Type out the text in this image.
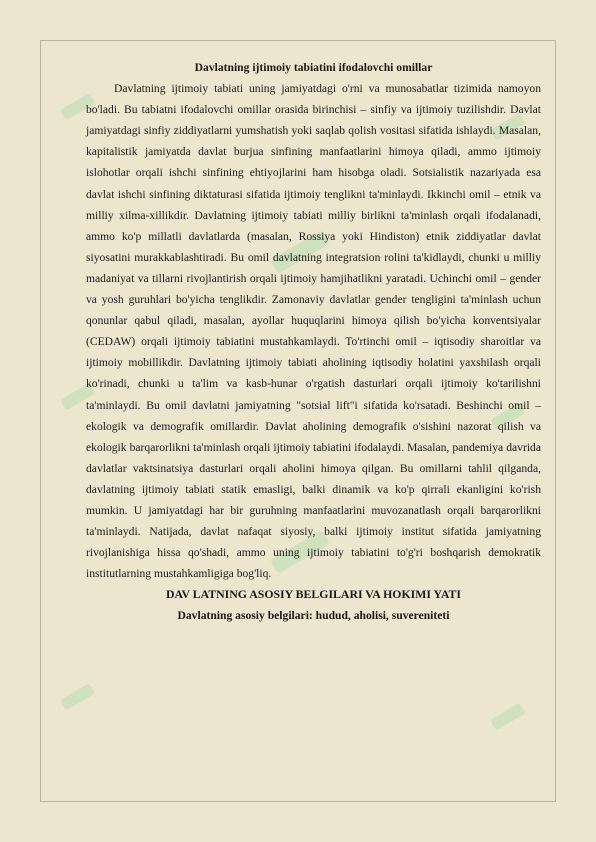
Davlatning ijtimoiy tabiatini ifodalovchi omillar

Davlatning ijtimoiy tabiati uning jamiyatdagi o'rni va munosabatlar tizimida namoyon bo'ladi. Bu tabiatni ifodalovchi omillar orasida birinchisi – sinfiy va ijtimoiy tuzilishdir. Davlat jamiyatdagi sinfiy ziddiyatlarni yumshatish yoki saqlab qolish vositasi sifatida ishlaydi. Masalan, kapitalistik jamiyatda davlat burjua sinfining manfaatlarini himoya qiladi, ammo ijtimoiy islohotlar orqali ishchi sinfining ehtiyojlarini ham hisobga oladi. Sotsialistik nazariyada esa davlat ishchi sinfining diktaturasi sifatida ijtimoiy tenglikni ta'minlaydi. Ikkinchi omil – etnik va milliy xilma-xillikdir. Davlatning ijtimoiy tabiati milliy birlikni ta'minlash orqali ifodalanadi, ammo ko'p millatli davlatlarda (masalan, Rossiya yoki Hindiston) etnik ziddiyatlar davlat siyosatini murakkablashtiradi. Bu omil davlatning integratsion rolini ta'kidlaydi, chunki u milliy madaniyat va tillarni rivojlantirish orqali ijtimoiy hamjihatlikni yaratadi. Uchinchi omil – gender va yosh guruhlari bo'yicha tenglikdir. Zamonaviy davlatlar gender tengligini ta'minlash uchun qonunlar qabul qiladi, masalan, ayollar huquqlarini himoya qilish bo'yicha konventsiyalar (CEDAW) orqali ijtimoiy tabiatini mustahkamlaydi. To'rtinchi omil – iqtisodiy sharoitlar va ijtimoiy mobillikdir. Davlatning ijtimoiy tabiati aholining iqtisodiy holatini yaxshilash orqali ko'rinadi, chunki u ta'lim va kasb-hunar o'rgatish dasturlari orqali ijtimoiy ko'tarilishni ta'minlaydi. Bu omil davlatni jamiyatning "sotsial lift"i sifatida ko'rsatadi. Beshinchi omil – ekologik va demografik omillardir. Davlat aholining demografik o'sishini nazorat qilish va ekologik barqarorlikni ta'minlash orqali ijtimoiy tabiatini ifodalaydi. Masalan, pandemiya davrida davlatlar vaktsinatsiya dasturlari orqali aholini himoya qilgan. Bu omillarni tahlil qilganda, davlatning ijtimoiy tabiati statik emasligi, balki dinamik va ko'p qirrali ekanligini ko'rish mumkin. U jamiyatdagi har bir guruhning manfaatlarini muvozanatlash orqali barqarorlikni ta'minlaydi. Natijada, davlat nafaqat siyosiy, balki ijtimoiy institut sifatida jamiyatning rivojlanishiga hissa qo'shadi, ammo uning ijtimoiy tabiatini to'g'ri boshqarish demokratik institutlarning mustahkamligiga bog'liq.

DAV LATNING ASOSIY BELGILARI VA HOKIMI YATI

Davlatning asosiy belgilari: hudud, aholisi, suvereniteti
